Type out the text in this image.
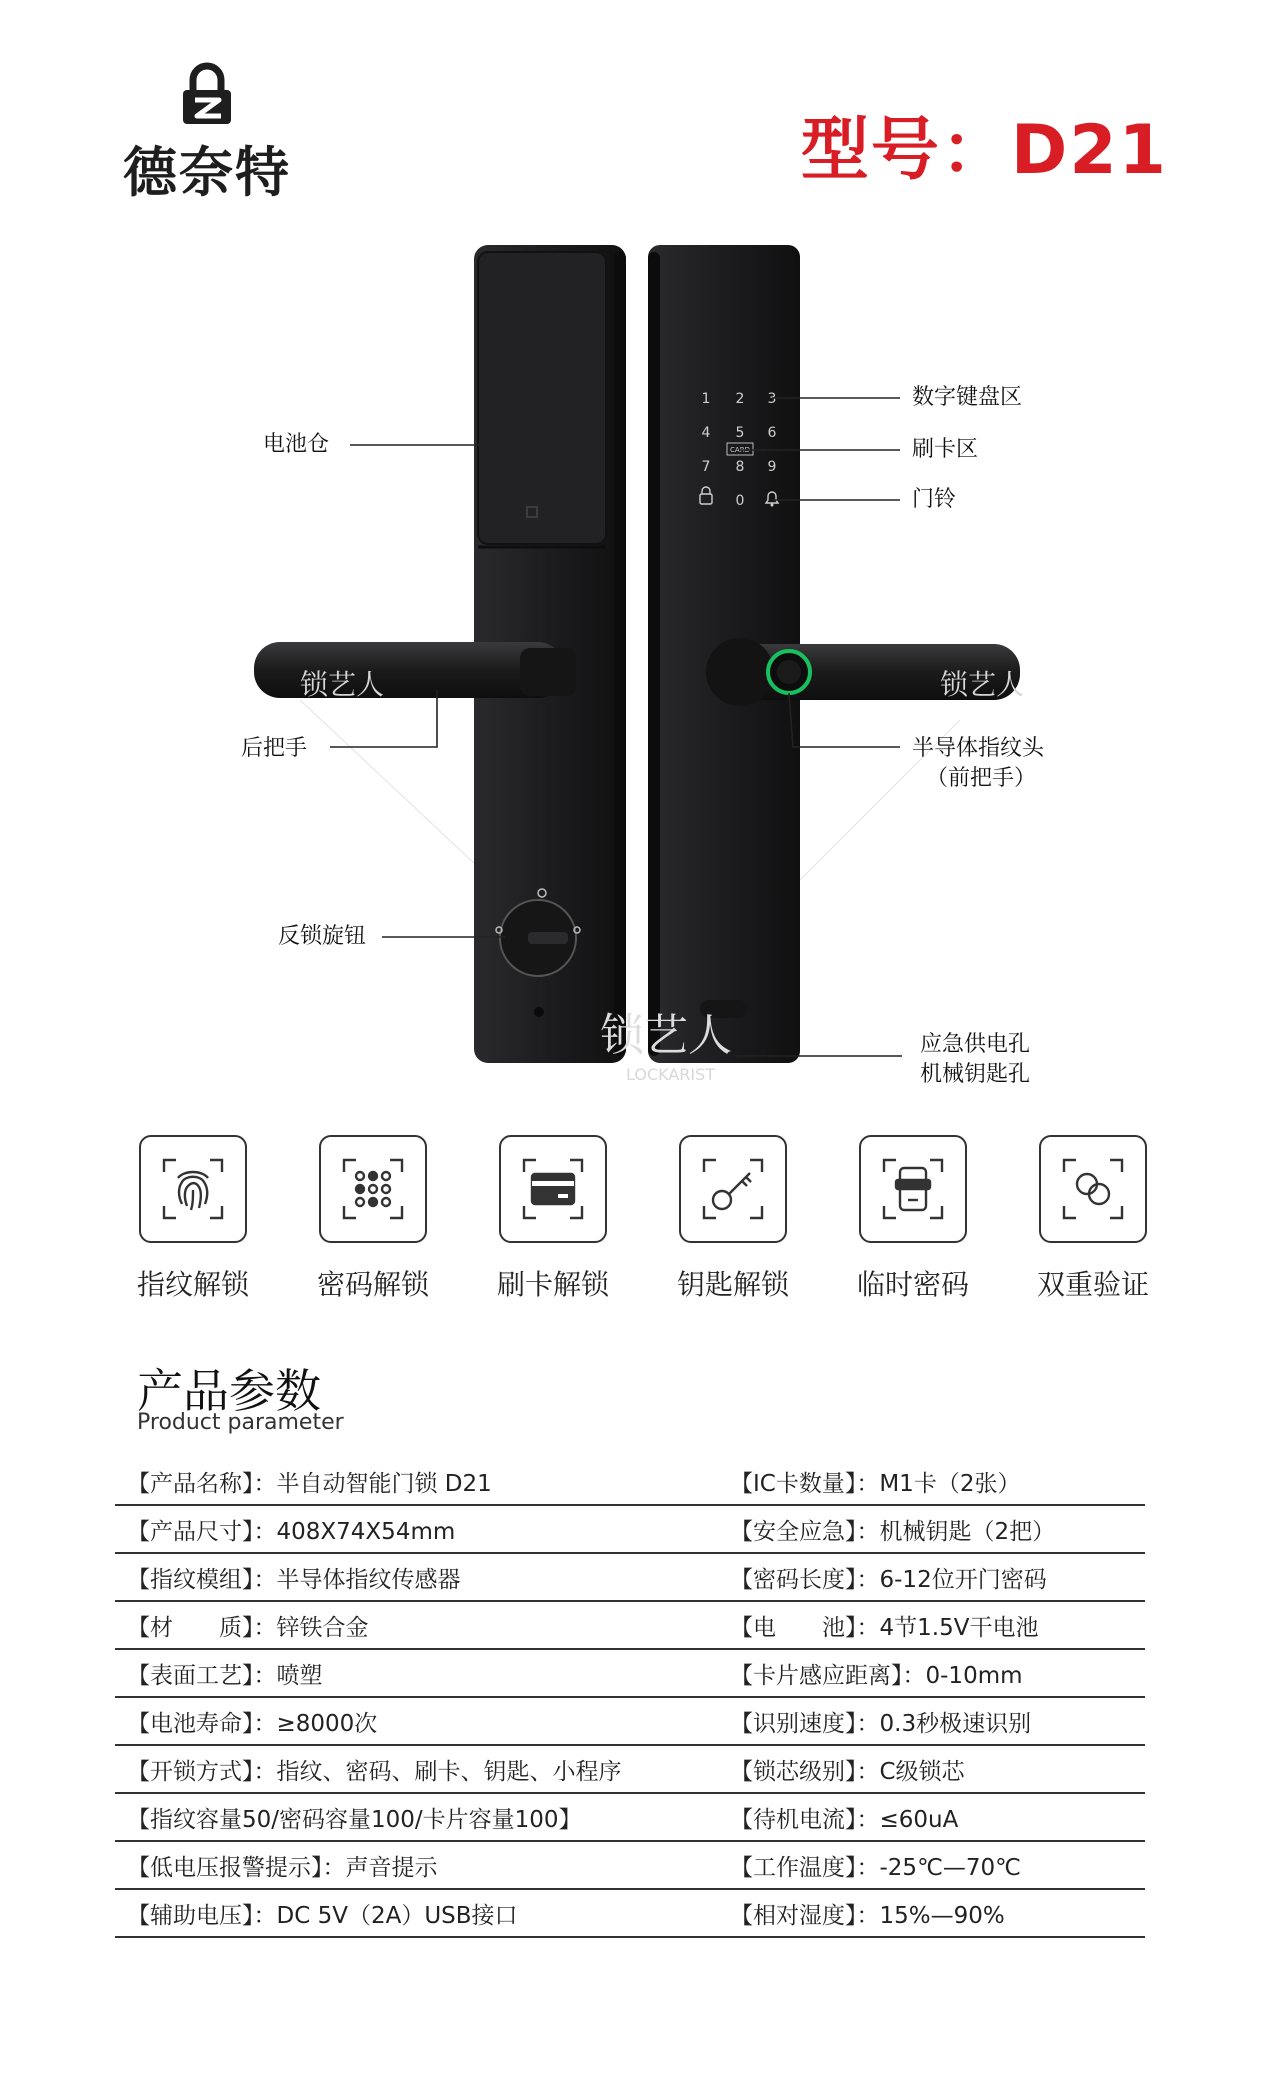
德奈特	型号：D21
1 2 3
4 5 6
7 8 9
0
CARD
锁艺人	锁艺人
锁艺人
LOCKARIST
电池仓
数字键盘区
刷卡区
门铃
后把手	半导体指纹头
（前把手）
反锁旋钮
应急供电孔
机械钥匙孔
指纹解锁 密码解锁 刷卡解锁 钥匙解锁 临时密码 双重验证
产品参数
Product parameter
【产品名称】：半自动智能门锁 D21	【IC卡数量】：M1卡（2张）
【产品尺寸】：408X74X54mm	【安全应急】：机械钥匙（2把）
【指纹模组】：半导体指纹传感器	【密码长度】：6-12位开门密码
【材　　质】：锌铁合金	【电　　池】：4节1.5V干电池
【表面工艺】：喷塑	【卡片感应距离】：0-10mm
【电池寿命】：≥8000次	【识别速度】：0.3秒极速识别
【开锁方式】：指纹、密码、刷卡、钥匙、小程序	【锁芯级别】：C级锁芯
【指纹容量50/密码容量100/卡片容量100】	【待机电流】：≤60uA
【低电压报警提示】：声音提示	【工作温度】：-25℃—70℃
【辅助电压】：DC 5V（2A）USB接口	【相对湿度】：15%—90%
